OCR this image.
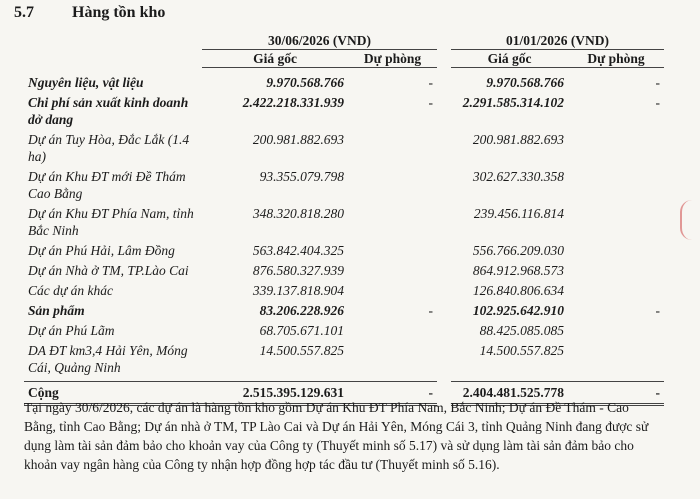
5.7 Hàng tồn kho
	30/06/2026 (VND)		01/01/2026 (VND)	
	Giá gốc	Dự phòng	Giá gốc	Dự phòng

Nguyên liệu, vật liệu	9.970.568.766	-	9.970.568.766	-
Chi phí sản xuất kinh doanh dở dang	2.422.218.331.939	-	2.291.585.314.102	-
Dự án Tuy Hòa, Đắc Lắk (1.4 ha)	200.981.882.693		200.981.882.693	
Dự án Khu ĐT mới Đề Thám Cao Bằng	93.355.079.798		302.627.330.358	
Dự án Khu ĐT Phía Nam, tỉnh Bắc Ninh	348.320.818.280		239.456.116.814	
Dự án Phú Hải, Lâm Đồng	563.842.404.325		556.766.209.030	
Dự án Nhà ở TM, TP.Lào Cai	876.580.327.939		864.912.968.573	
Các dự án khác	339.137.818.904		126.840.806.634	
Sản phẩm	83.206.228.926	-	102.925.642.910	-
Dự án Phú Lãm	68.705.671.101		88.425.085.085	
DA ĐT km3,4 Hải Yên, Móng Cái, Quảng Ninh	14.500.557.825		14.500.557.825	

Cộng	2.515.395.129.631	-	2.404.481.525.778	-
Tại ngày 30/6/2026, các dự án là hàng tồn kho gồm Dự án Khu ĐT Phía Nam, Bắc Ninh; Dự án Đề Thám - Cao Bằng, tỉnh Cao Bằng; Dự án nhà ở TM, TP Lào Cai và Dự án Hải Yên, Móng Cái 3, tỉnh Quảng Ninh đang được sử dụng làm tài sản đảm bảo cho khoản vay của Công ty (Thuyết minh số 5.17) và sử dụng làm tài sản đảm bảo cho khoản vay ngân hàng của Công ty nhận hợp đồng hợp tác đầu tư (Thuyết minh số 5.16).
